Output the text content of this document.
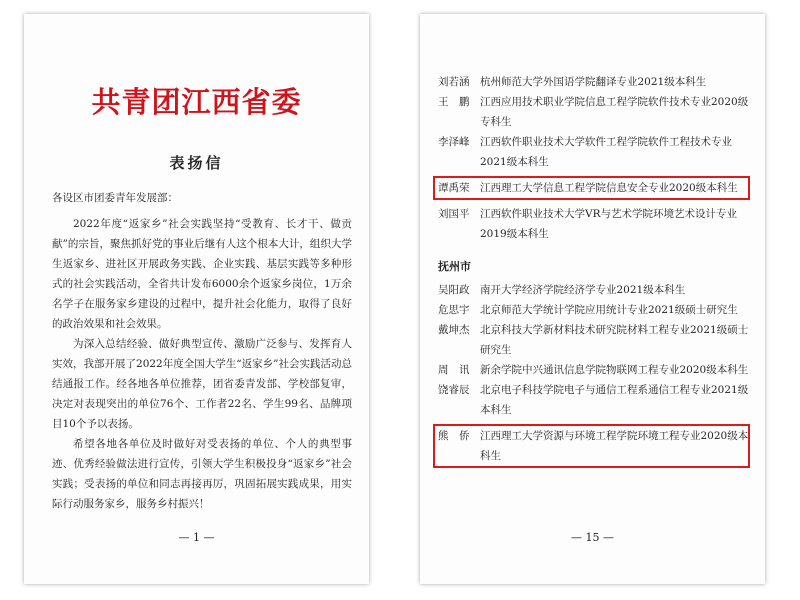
共青团江西省委
表扬信

各设区市团委青年发展部：

2022年度“返家乡”社会实践坚持“受教育、长才干、做贡献”的宗旨，聚焦抓好党的事业后继有人这个根本大计，组织大学生返家乡、进社区开展政务实践、企业实践、基层实践等多种形式的社会实践活动，全省共计发布6000余个返家乡岗位，1万余名学子在服务家乡建设的过程中，提升社会化能力，取得了良好的政治效果和社会效果。

为深入总结经验、做好典型宣传、激励广泛参与、发挥育人实效，我部开展了2022年度全国大学生“返家乡”社会实践活动总结通报工作。经各地各单位推荐，团省委青发部、学校部复审，决定对表现突出的单位76个、工作者22名、学生99名、品牌项目10个予以表扬。

希望各地各单位及时做好对受表扬的单位、个人的典型事迹、优秀经验做法进行宣传，引领大学生积极投身“返家乡”社会实践；受表扬的单位和同志再接再厉，巩固拓展实践成果，用实际行动服务家乡，服务乡村振兴！

— 1 —
刘若涵	杭州师范大学外国语学院翻译专业2021级本科生
王　鹏	江西应用技术职业学院信息工程学院软件技术专业2020级专科生
李泽峰	江西软件职业技术大学软件工程学院软件工程技术专业2021级本科生
谭禹荣	江西理工大学信息工程学院信息安全专业2020级本科生
刘国平	江西软件职业技术大学VR与艺术学院环境艺术设计专业2019级本科生
抚州市
吴阳政	南开大学经济学院经济学专业2021级本科生
危思宇	北京师范大学统计学院应用统计专业2021级硕士研究生
戴坤杰	北京科技大学新材料技术研究院材料工程专业2021级硕士研究生
周　讯	新余学院中兴通讯信息学院物联网工程专业2020级本科生
饶睿辰	北京电子科技学院电子与通信工程系通信工程专业2021级本科生
熊　侨	江西理工大学资源与环境工程学院环境工程专业2020级本科生
— 15 —
